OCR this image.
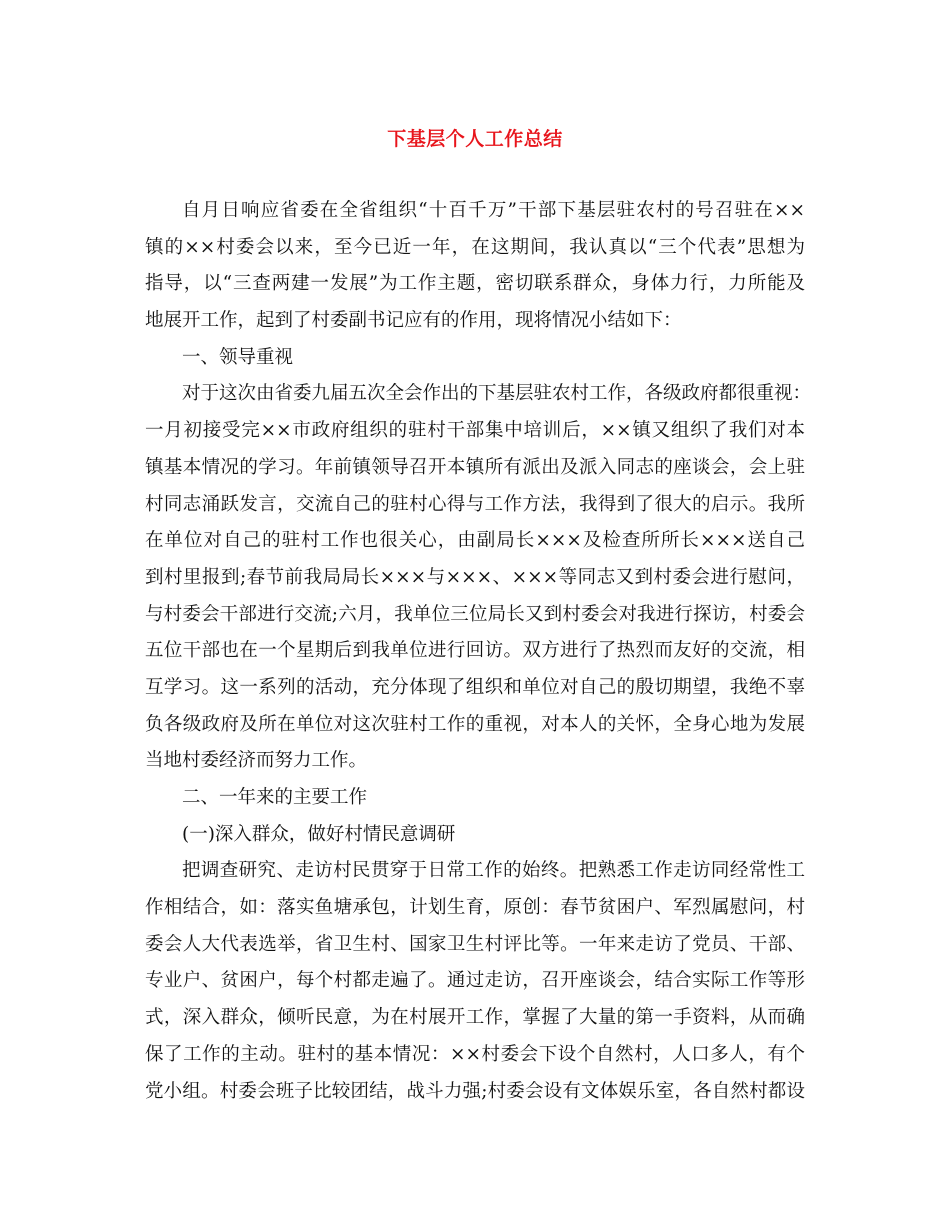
下基层个人工作总结
自月日响应省委在全省组织“十百千万”干部下基层驻农村的号召驻在××
镇的××村委会以来，至今已近一年，在这期间，我认真以“三个代表”思想为
指导，以“三查两建一发展”为工作主题，密切联系群众，身体力行，力所能及
地展开工作，起到了村委副书记应有的作用，现将情况小结如下：
一、领导重视
对于这次由省委九届五次全会作出的下基层驻农村工作，各级政府都很重视：
一月初接受完××市政府组织的驻村干部集中培训后，××镇又组织了我们对本
镇基本情况的学习。年前镇领导召开本镇所有派出及派入同志的座谈会，会上驻
村同志涌跃发言，交流自己的驻村心得与工作方法，我得到了很大的启示。我所
在单位对自己的驻村工作也很关心，由副局长×××及检查所所长×××送自己
到村里报到;春节前我局局长×××与×××、×××等同志又到村委会进行慰问，
与村委会干部进行交流;六月，我单位三位局长又到村委会对我进行探访，村委会
五位干部也在一个星期后到我单位进行回访。双方进行了热烈而友好的交流，相
互学习。这一系列的活动，充分体现了组织和单位对自己的殷切期望，我绝不辜
负各级政府及所在单位对这次驻村工作的重视，对本人的关怀，全身心地为发展
当地村委经济而努力工作。
二、一年来的主要工作
(一)深入群众，做好村情民意调研
把调查研究、走访村民贯穿于日常工作的始终。把熟悉工作走访同经常性工
作相结合，如：落实鱼塘承包，计划生育，原创：春节贫困户、军烈属慰问，村
委会人大代表选举，省卫生村、国家卫生村评比等。一年来走访了党员、干部、
专业户、贫困户，每个村都走遍了。通过走访，召开座谈会，结合实际工作等形
式，深入群众，倾听民意，为在村展开工作，掌握了大量的第一手资料，从而确
保了工作的主动。驻村的基本情况：××村委会下设个自然村，人口多人，有个
党小组。村委会班子比较团结，战斗力强;村委会设有文体娱乐室，各自然村都设
